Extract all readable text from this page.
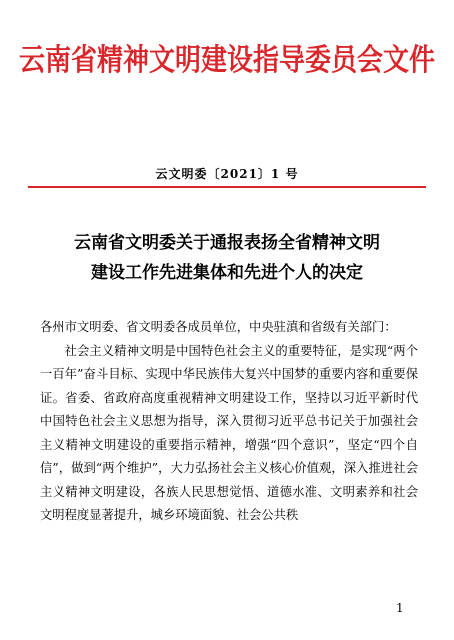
云南省精神文明建设指导委员会文件
云文明委〔2021〕1 号
云南省文明委关于通报表扬全省精神文明
建设工作先进集体和先进个人的决定
各州市文明委、省文明委各成员单位，中央驻滇和省级有关部门：
社会主义精神文明是中国特色社会主义的重要特征，是实现“两个一百年”奋斗目标、实现中华民族伟大复兴中国梦的重要内容和重要保证。省委、省政府高度重视精神文明建设工作，坚持以习近平新时代中国特色社会主义思想为指导，深入贯彻习近平总书记关于加强社会主义精神文明建设的重要指示精神，增强“四个意识”，坚定“四个自信”，做到“两个维护”，大力弘扬社会主义核心价值观，深入推进社会主义精神文明建设，各族人民思想觉悟、道德水准、文明素养和社会文明程度显著提升，城乡环境面貌、社会公共秩
1
